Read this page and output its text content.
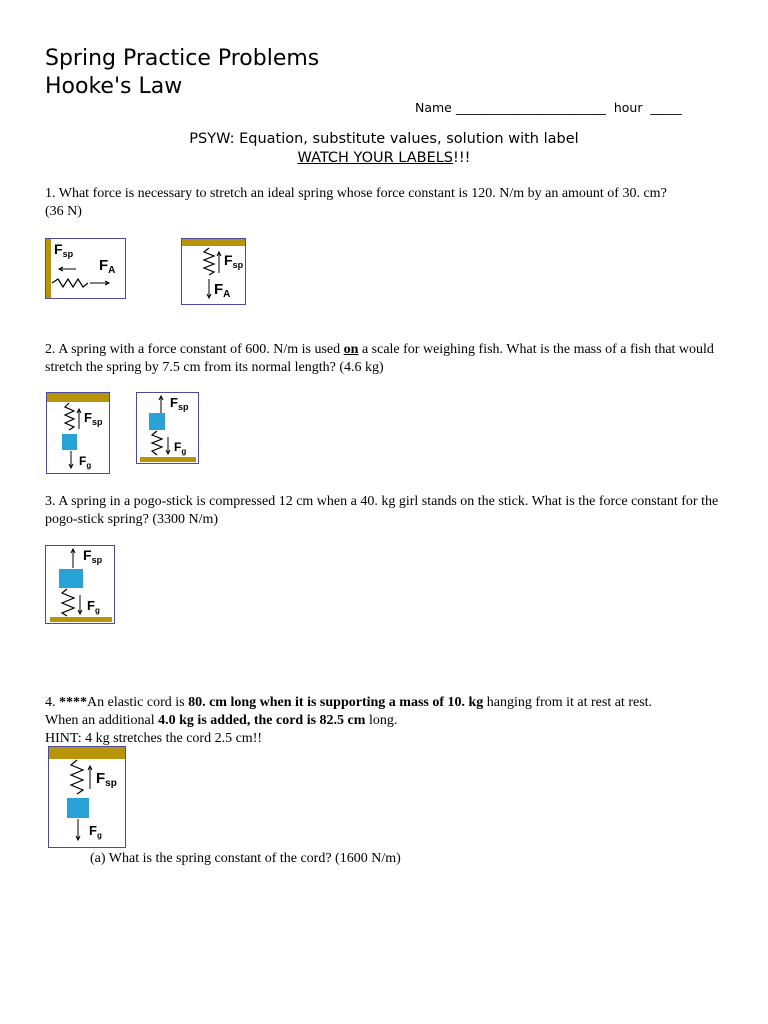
Spring Practice Problems
Hooke's Law
Name ________________________ hour _____
PSYW: Equation, substitute values, solution with label
WATCH YOUR LABELS!!!
1. What force is necessary to stretch an ideal spring whose force constant is 120. N/m by an amount of 30. cm?
(36 N)
$F_{sp}$
$F_A$
$F_{sp}$
$F_A$
2. A spring with a force constant of 600. N/m is used on a scale for weighing fish. What is the mass of a fish that would stretch the spring by 7.5 cm from its normal length? (4.6 kg)
$F_{sp}$
$F_g$
$F_{sp}$
$F_g$
3. A spring in a pogo-stick is compressed 12 cm when a 40. kg girl stands on the stick. What is the force constant for the pogo-stick spring? (3300 N/m)
$F_{sp}$
$F_g$
4. ****An elastic cord is 80. cm long when it is supporting a mass of 10. kg hanging from it at rest at rest.
When an additional 4.0 kg is added, the cord is 82.5 cm long.
HINT: 4 kg stretches the cord 2.5 cm!!
$F_{sp}$
$F_g$
(a) What is the spring constant of the cord? (1600 N/m)
